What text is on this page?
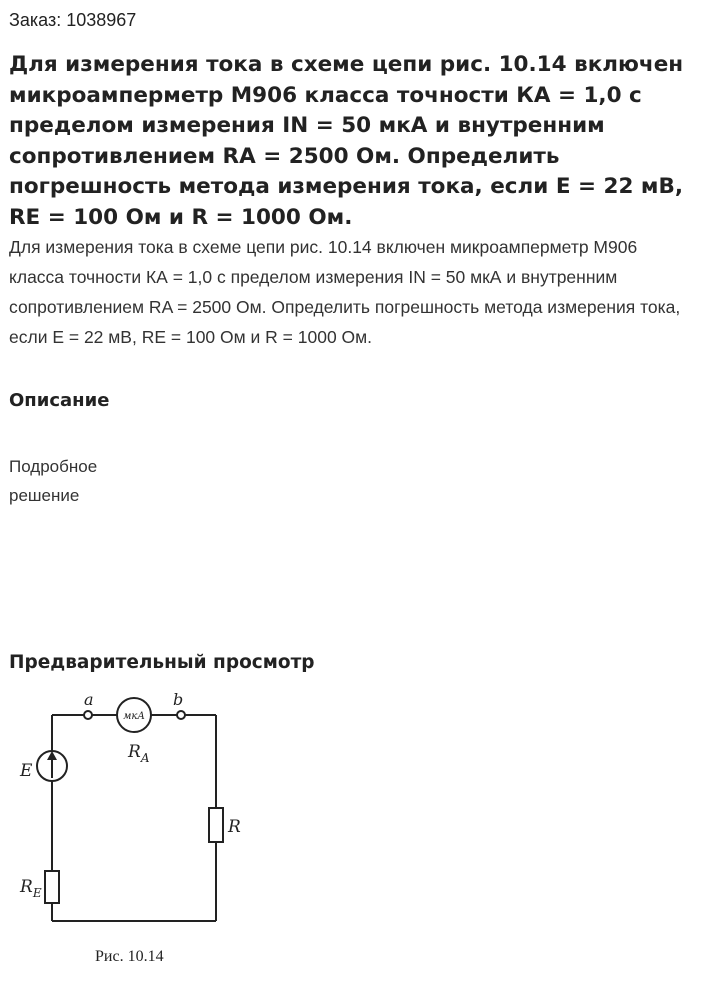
Заказ: 1038967
Для измерения тока в схеме цепи рис. 10.14 включен микроамперметр М906 класса точности КА = 1,0 с пределом измерения IN = 50 мкА и внутренним сопротивлением RA = 2500 Ом. Определить погрешность метода измерения тока, если E = 22 мВ, RE = 100 Ом и R = 1000 Ом.

Для измерения тока в схеме цепи рис. 10.14 включен микроамперметр М906 класса точности КА = 1,0 с пределом измерения IN = 50 мкА и внутренним сопротивлением RA = 2500 Ом. Определить погрешность метода измерения тока, если E = 22 мВ, RE = 100 Ом и R = 1000 Ом.

Описание
Подробное решение
Предварительный просмотр
a	b
мкА
$R_A$
E
R
$R_E$
Рис. 10.14
